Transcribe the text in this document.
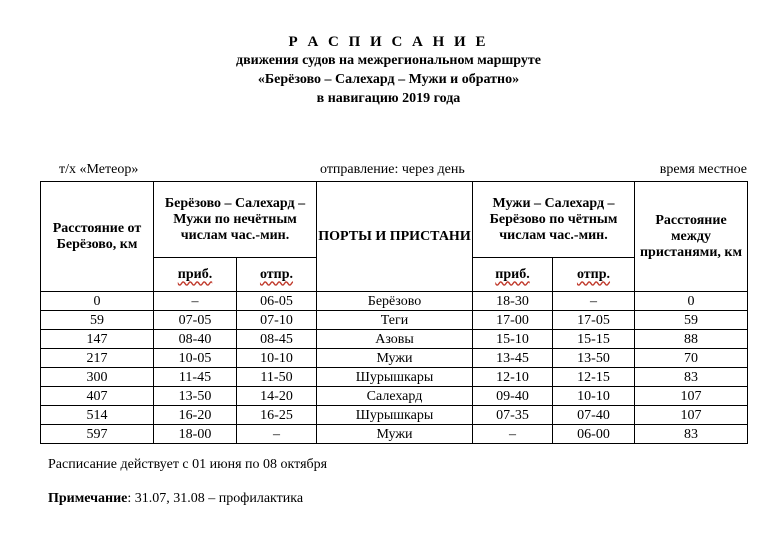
Р А С П И С А Н И Е
движения судов на межрегиональном маршруте
«Берёзово – Салехард – Мужи и обратно»
в навигацию 2019 года
т/х «Метеор»	отправление: через день	время местное
Расстояние от Берёзово, км	Берёзово – Салехард – Мужи по нечётным числам час.-мин.		ПОРТЫ И ПРИСТАНИ	Мужи – Салехард – Берёзово по чётным числам час.-мин.		Расстояние между пристанями, км
	приб.	отпр.		приб.	отпр.	
0	–	06-05	Берёзово	18-30	–	0
59	07-05	07-10	Теги	17-00	17-05	59
147	08-40	08-45	Азовы	15-10	15-15	88
217	10-05	10-10	Мужи	13-45	13-50	70
300	11-45	11-50	Шурышкары	12-10	12-15	83
407	13-50	14-20	Салехард	09-40	10-10	107
514	16-20	16-25	Шурышкары	07-35	07-40	107
597	18-00	–	Мужи	–	06-00	83
Расписание действует с 01 июня по 08 октября
Примечание: 31.07, 31.08 – профилактика
